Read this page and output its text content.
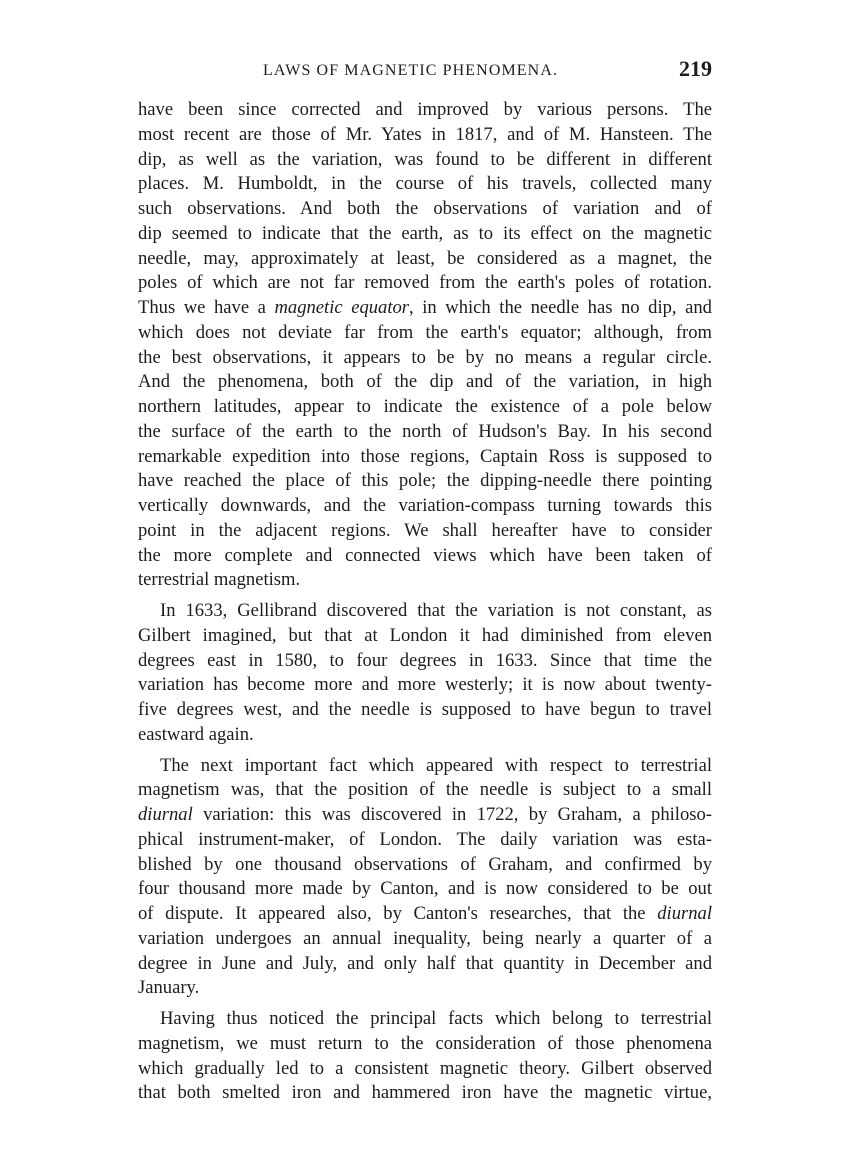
LAWS OF MAGNETIC PHENOMENA.	219
have been since corrected and improved by various persons. The
most recent are those of Mr. Yates in 1817, and of M. Hansteen. The
dip, as well as the variation, was found to be different in different
places. M. Humboldt, in the course of his travels, collected many
such observations. And both the observations of variation and of
dip seemed to indicate that the earth, as to its effect on the magnetic
needle, may, approximately at least, be considered as a magnet, the
poles of which are not far removed from the earth's poles of rotation.
Thus we have a magnetic equator, in which the needle has no dip, and
which does not deviate far from the earth's equator; although, from
the best observations, it appears to be by no means a regular circle.
And the phenomena, both of the dip and of the variation, in high
northern latitudes, appear to indicate the existence of a pole below
the surface of the earth to the north of Hudson's Bay. In his second
remarkable expedition into those regions, Captain Ross is supposed to
have reached the place of this pole; the dipping-needle there pointing
vertically downwards, and the variation-compass turning towards this
point in the adjacent regions. We shall hereafter have to consider
the more complete and connected views which have been taken of
terrestrial magnetism.
In 1633, Gellibrand discovered that the variation is not constant, as
Gilbert imagined, but that at London it had diminished from eleven
degrees east in 1580, to four degrees in 1633. Since that time the
variation has become more and more westerly; it is now about twenty-
five degrees west, and the needle is supposed to have begun to travel
eastward again.
The next important fact which appeared with respect to terrestrial
magnetism was, that the position of the needle is subject to a small
diurnal variation: this was discovered in 1722, by Graham, a philoso-
phical instrument-maker, of London. The daily variation was esta-
blished by one thousand observations of Graham, and confirmed by
four thousand more made by Canton, and is now considered to be out
of dispute. It appeared also, by Canton's researches, that the diurnal
variation undergoes an annual inequality, being nearly a quarter of a
degree in June and July, and only half that quantity in December and
January.
Having thus noticed the principal facts which belong to terrestrial
magnetism, we must return to the consideration of those phenomena
which gradually led to a consistent magnetic theory. Gilbert observed
that both smelted iron and hammered iron have the magnetic virtue,
